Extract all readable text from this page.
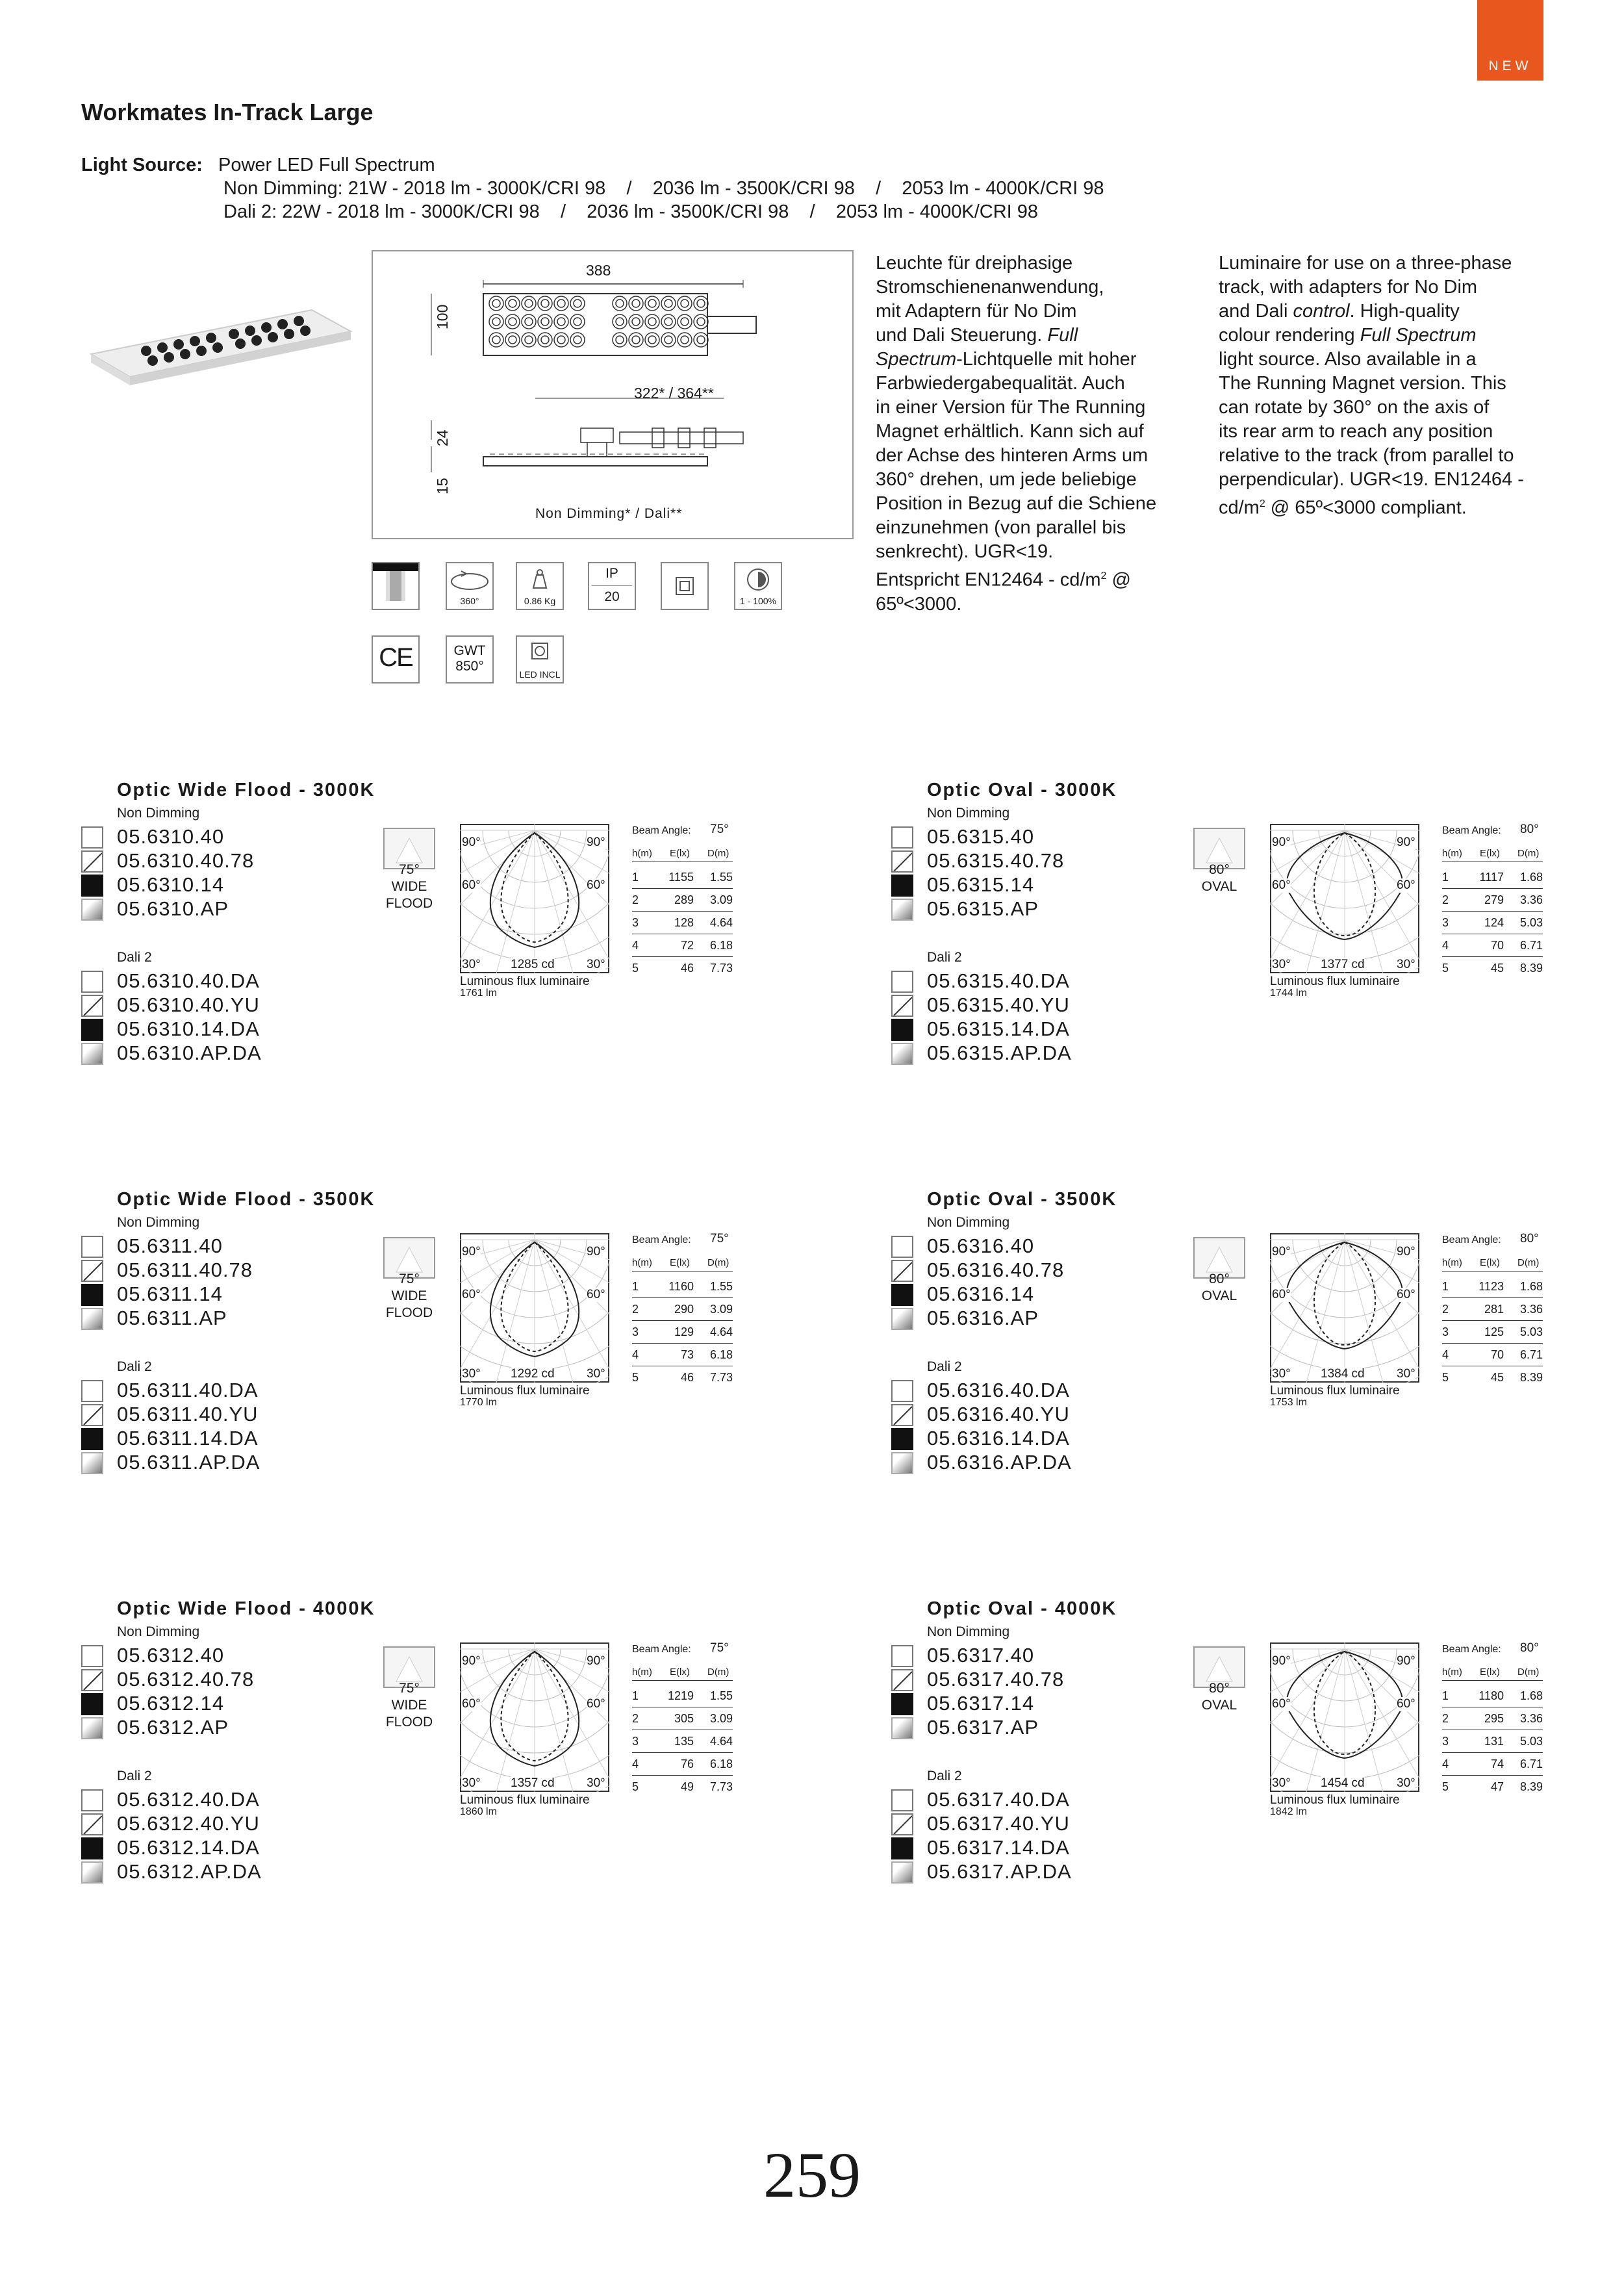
NEW
Workmates In-Track Large
Light Source: Power LED Full Spectrum
Non Dimming: 21W - 2018 lm - 3000K/CRI 98    /    2036 lm - 3500K/CRI 98    /    2053 lm - 4000K/CRI 98
Dali 2: 22W - 2018 lm - 3000K/CRI 98    /    2036 lm - 3500K/CRI 98    /    2053 lm - 4000K/CRI 98
388
100
322* / 364**
24
15
Non Dimming* / Dali**
360°	0.86 Kg
IP
20	1 - 100%
CE	GWT
850°
LED INCL
Leuchte für dreiphasige
Stromschienenanwendung,
mit Adaptern für No Dim
und Dali Steuerung. Full
Spectrum-Lichtquelle mit hoher
Farbwiedergabequalität. Auch
in einer Version für The Running
Magnet erhältlich. Kann sich auf
der Achse des hinteren Arms um
360° drehen, um jede beliebige
Position in Bezug auf die Schiene
einzunehmen (von parallel bis
senkrecht). UGR<19.
Entspricht $EN12464 - cd/m^2$ @
65º<3000.
Luminaire for use on a three-phase
track, with adapters for No Dim
and Dali control. High-quality
colour rendering Full Spectrum
light source. Also available in a
The Running Magnet version. This
can rotate by 360° on the axis of
its rear arm to reach any position
relative to the track (from parallel to
perpendicular). UGR<19. EN12464 -
$cd/m^2$ @ 65º<3000 compliant.
Optic Wide Flood - 3000K
Non Dimming
05.6310.40
05.6310.40.78
05.6310.14
05.6310.AP
Dali 2
05.6310.40.DA
05.6310.40.YU
05.6310.14.DA
05.6310.AP.DA
75°
WIDE
FLOOD
90°	90°
60°	60°
30°	30°
1285 cd
Luminous flux luminaire
1761 lm
Beam Angle: 75°
h(m) E(lx) D(m)
1	1155	1.55
2	289	3.09
3	128	4.64
4	72	6.18
5	46	7.73
Optic Oval - 3000K
Non Dimming
05.6315.40
05.6315.40.78
05.6315.14
05.6315.AP
Dali 2
05.6315.40.DA
05.6315.40.YU
05.6315.14.DA
05.6315.AP.DA
80°
OVAL
90°	90°
60°	60°
30°	30°
1377 cd
Luminous flux luminaire
1744 lm
Beam Angle: 80°
h(m) E(lx) D(m)
1	1117	1.68
2	279	3.36
3	124	5.03
4	70	6.71
5	45	8.39
Optic Wide Flood - 3500K
Non Dimming
05.6311.40
05.6311.40.78
05.6311.14
05.6311.AP
Dali 2
05.6311.40.DA
05.6311.40.YU
05.6311.14.DA
05.6311.AP.DA
75°
WIDE
FLOOD
90°	90°
60°	60°
30°	30°
1292 cd
Luminous flux luminaire
1770 lm
Beam Angle: 75°
h(m) E(lx) D(m)
1	1160	1.55
2	290	3.09
3	129	4.64
4	73	6.18
5	46	7.73
Optic Oval - 3500K
Non Dimming
05.6316.40
05.6316.40.78
05.6316.14
05.6316.AP
Dali 2
05.6316.40.DA
05.6316.40.YU
05.6316.14.DA
05.6316.AP.DA
80°
OVAL
90°	90°
60°	60°
30°	30°
1384 cd
Luminous flux luminaire
1753 lm
Beam Angle: 80°
h(m) E(lx) D(m)
1	1123	1.68
2	281	3.36
3	125	5.03
4	70	6.71
5	45	8.39
Optic Wide Flood - 4000K
Non Dimming
05.6312.40
05.6312.40.78
05.6312.14
05.6312.AP
Dali 2
05.6312.40.DA
05.6312.40.YU
05.6312.14.DA
05.6312.AP.DA
75°
WIDE
FLOOD
90°	90°
60°	60°
30°	30°
1357 cd
Luminous flux luminaire
1860 lm
Beam Angle: 75°
h(m) E(lx) D(m)
1	1219	1.55
2	305	3.09
3	135	4.64
4	76	6.18
5	49	7.73
Optic Oval - 4000K
Non Dimming
05.6317.40
05.6317.40.78
05.6317.14
05.6317.AP
Dali 2
05.6317.40.DA
05.6317.40.YU
05.6317.14.DA
05.6317.AP.DA
80°
OVAL
90°	90°
60°	60°
30°	30°
1454 cd
Luminous flux luminaire
1842 lm
Beam Angle: 80°
h(m) E(lx) D(m)
1	1180	1.68
2	295	3.36
3	131	5.03
4	74	6.71
5	47	8.39
259
